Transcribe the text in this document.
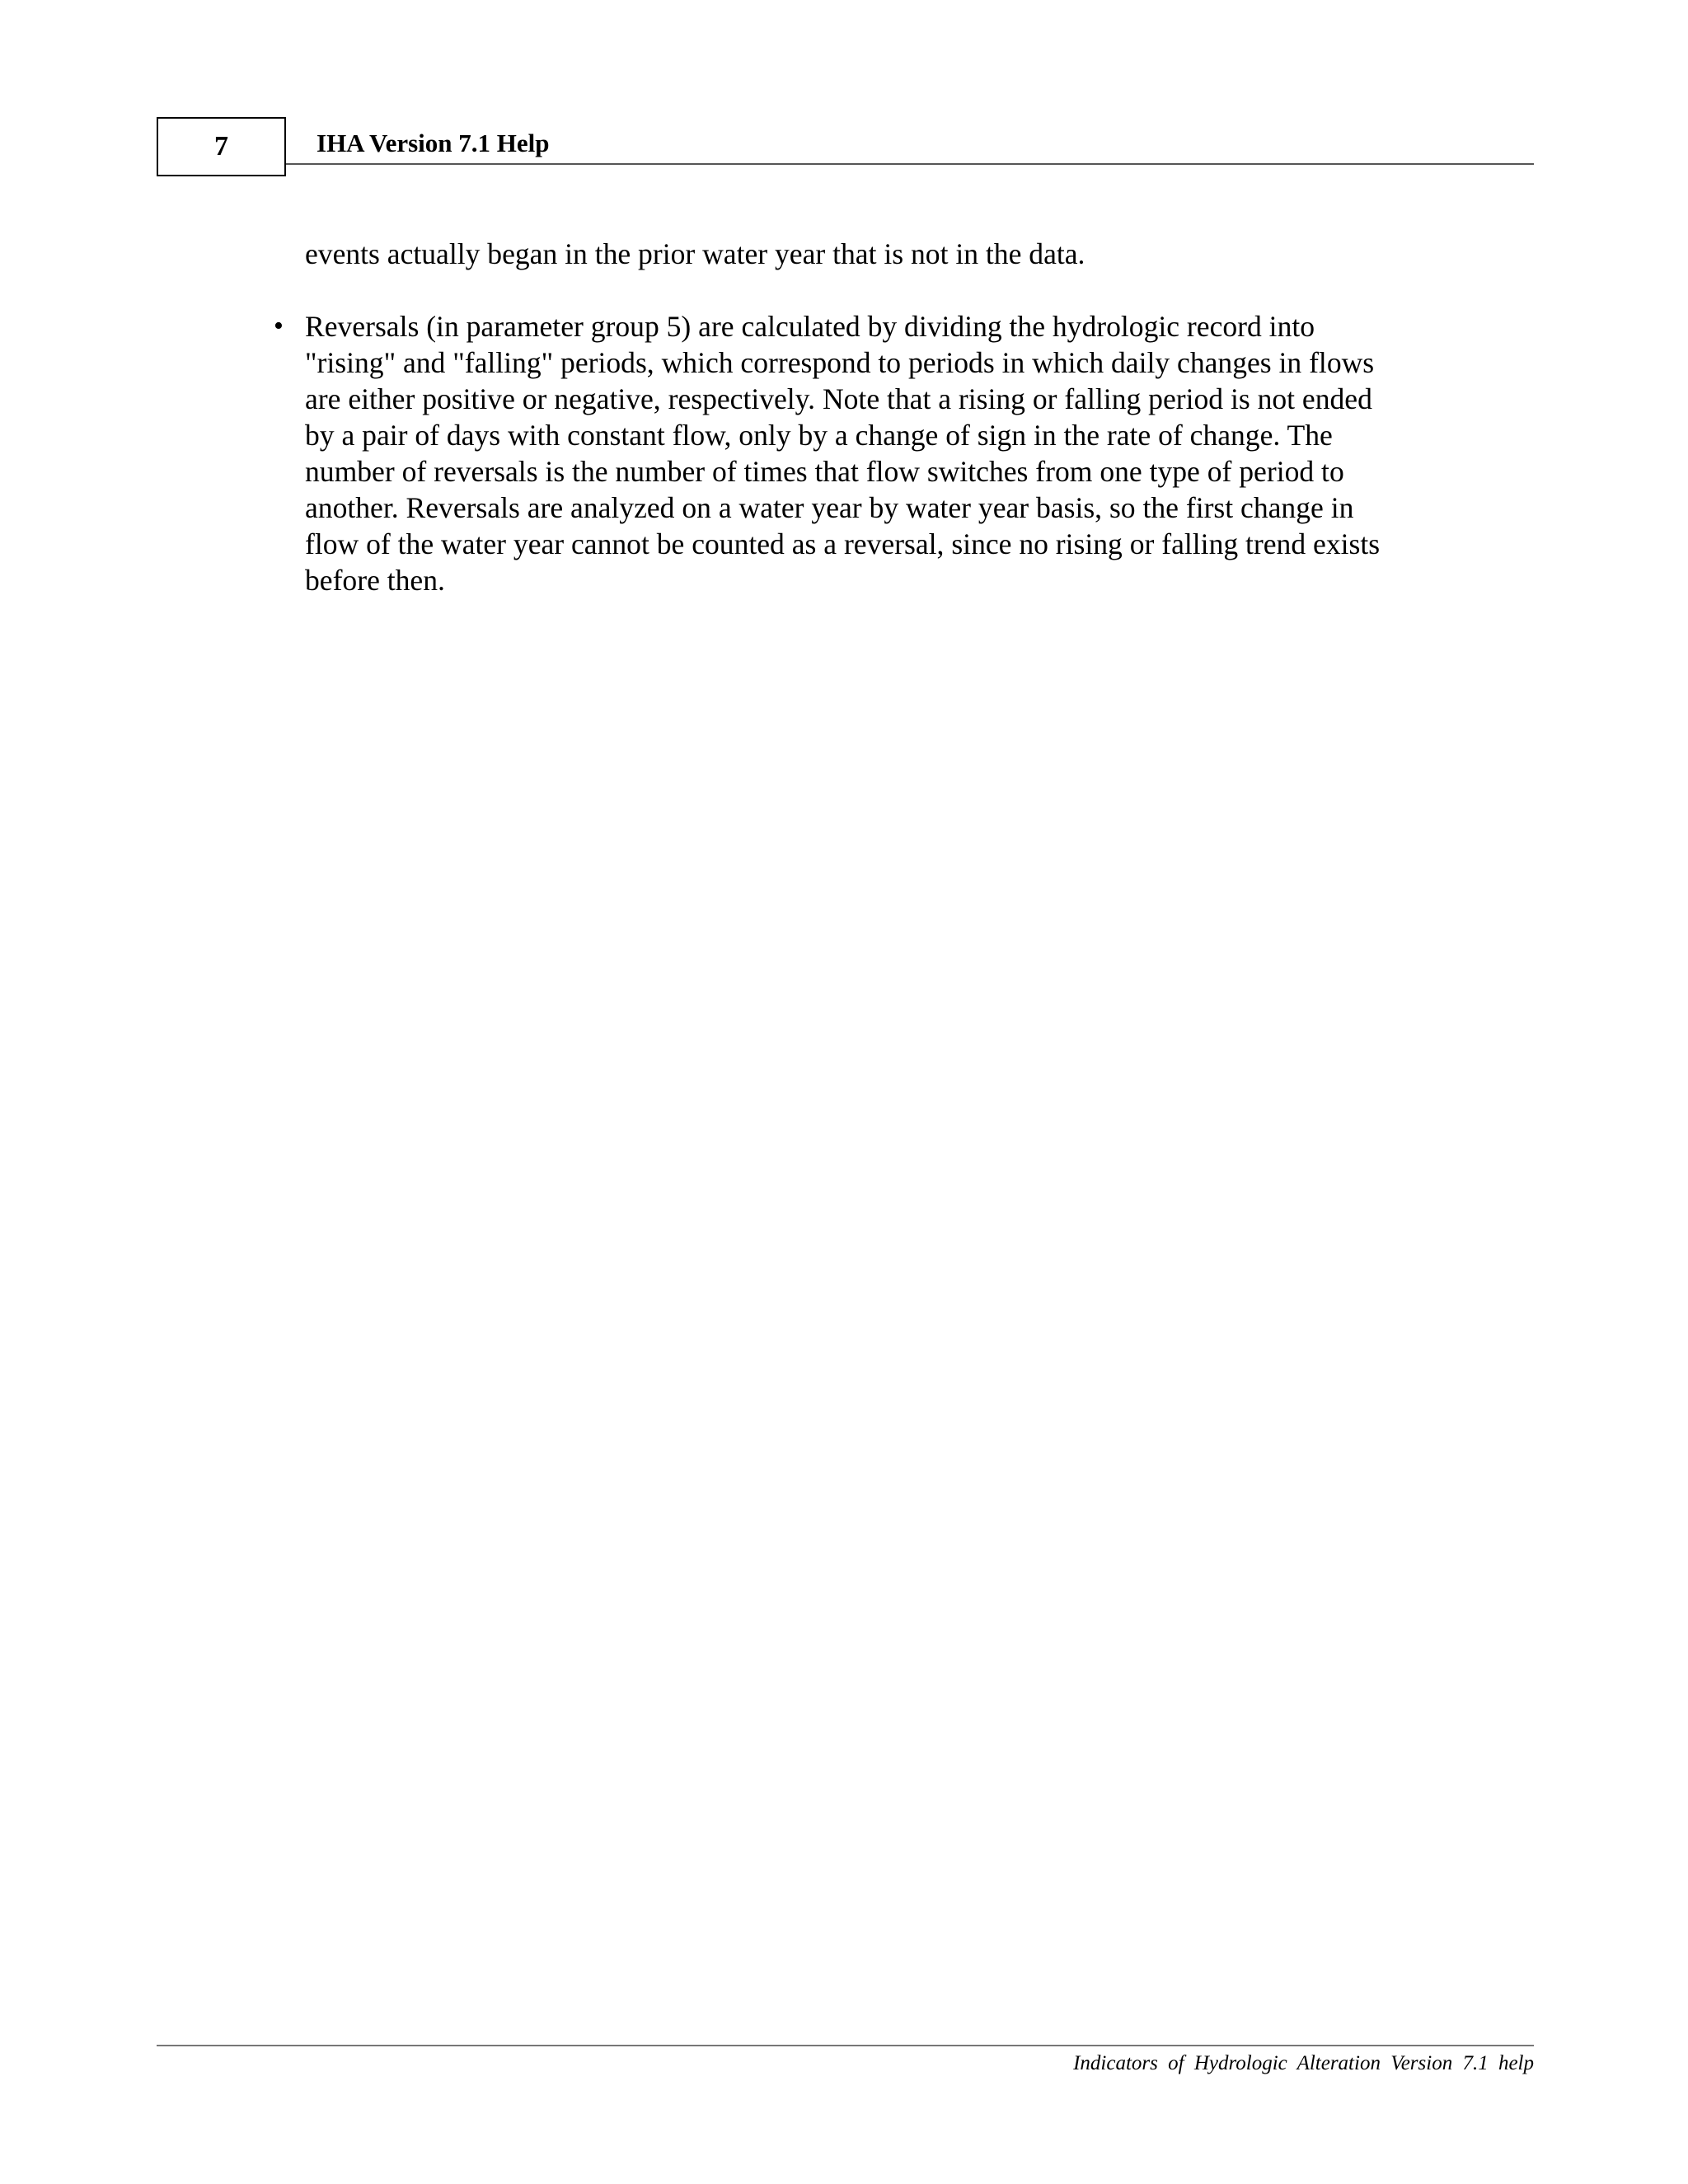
7	IHA Version 7.1 Help
events actually began in the prior water year that is not in the data.
• Reversals (in parameter group 5) are calculated by dividing the hydrologic record into
"rising" and "falling" periods, which correspond to periods in which daily changes in flows
are either positive or negative, respectively. Note that a rising or falling period is not ended
by a pair of days with constant flow, only by a change of sign in the rate of change. The
number of reversals is the number of times that flow switches from one type of period to
another. Reversals are analyzed on a water year by water year basis, so the first change in
flow of the water year cannot be counted as a reversal, since no rising or falling trend exists
before then.
Indicators of Hydrologic Alteration Version 7.1 help
